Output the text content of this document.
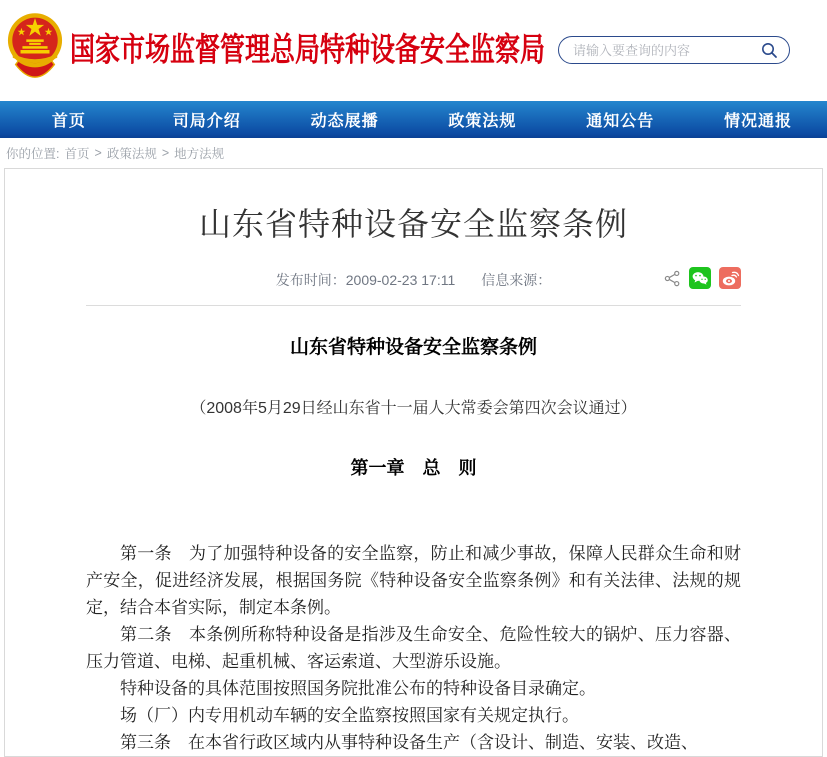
国家市场监督管理总局特种设备安全监察局
请输入要查询的内容
首页	司局介绍	动态展播	政策法规	通知公告	情况通报
你的位置: 首页 > 政策法规 > 地方法规
山东省特种设备安全监察条例
发布时间：2009-02-23 17:11 信息来源：
山东省特种设备安全监察条例
（2008年5月29日经山东省十一届人大常委会第四次会议通过）
第一章　总　则

第一条　为了加强特种设备的安全监察，防止和减少事故，保障人民群众生命和财产安全，促进经济发展，根据国务院《特种设备安全监察条例》和有关法律、法规的规定，结合本省实际，制定本条例。

第二条　本条例所称特种设备是指涉及生命安全、危险性较大的锅炉、压力容器、压力管道、电梯、起重机械、客运索道、大型游乐设施。

特种设备的具体范围按照国务院批准公布的特种设备目录确定。

场（厂）内专用机动车辆的安全监察按照国家有关规定执行。

第三条　在本省行政区域内从事特种设备生产（含设计、制造、安装、改造、
